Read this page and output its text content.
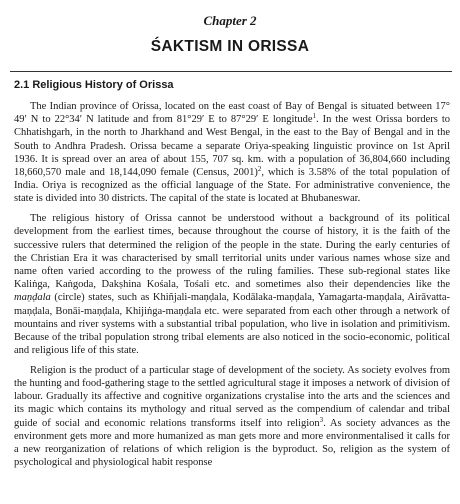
Chapter 2
ŚAKTISM IN ORISSA
2.1 Religious History of Orissa

The Indian province of Orissa, located on the east coast of Bay of Bengal is situated between 17° 49′ N to 22°34′ N latitude and from 81°29′ E to 87°29′ E longitude$^1$. In the west Orissa borders to Chhatishgarh, in the north to Jharkhand and West Bengal, in the east to the Bay of Bengal and in the South to Andhra Pradesh. Orissa became a separate Oriya-speaking linguistic province on 1st April 1936. It is spread over an area of about 155, 707 sq. km. with a population of 36,804,660 including 18,660,570 male and 18,144,090 female (Census, 2001)$^2$, which is 3.58% of the total population of India. Oriya is recognized as the official language of the State. For administrative convenience, the state is divided into 30 districts. The capital of the state is located at Bhubaneswar.

The religious history of Orissa cannot be understood without a background of its political development from the earliest times, because throughout the course of history, it is the faith of the successive rulers that determined the religion of the people in the state. During the early centuries of the Christian Era it was characterised by small territorial units under various names whose size and name often varied according to the prowess of the ruling families. These sub-regional states like Kaliṅga, Kaṅgoda, Dakṣhina Kośala, Tośali etc. and sometimes also their dependencies like the maṇḍala (circle) states, such as Khiñjali-maṇḍala, Kodālaka-maṇḍala, Yamagarta-maṇḍala, Airāvatta-maṇḍala, Bonāi-maṇḍala, Khijiṅga-maṇḍala etc. were separated from each other through a network of mountains and river systems with a substantial tribal population, who live in isolation and primitivism. Because of the tribal population strong tribal elements are also noticed in the socio-economic, political and religious life of this state.

Religion is the product of a particular stage of development of the society. As society evolves from the hunting and food-gathering stage to the settled agricultural stage it imposes a network of division of labour. Gradually its affective and cognitive organizations crystalise into the arts and the sciences and its magic which contains its mythology and ritual served as the compendium of calendar and tribal guide of social and economic relations transforms itself into religion$^3$. As society advances as the environment gets more and more humanized as man gets more and more environmentalised it calls for a new reorganization of relations of which religion is the byproduct. So, religion as the system of psychological and physiological habit response
